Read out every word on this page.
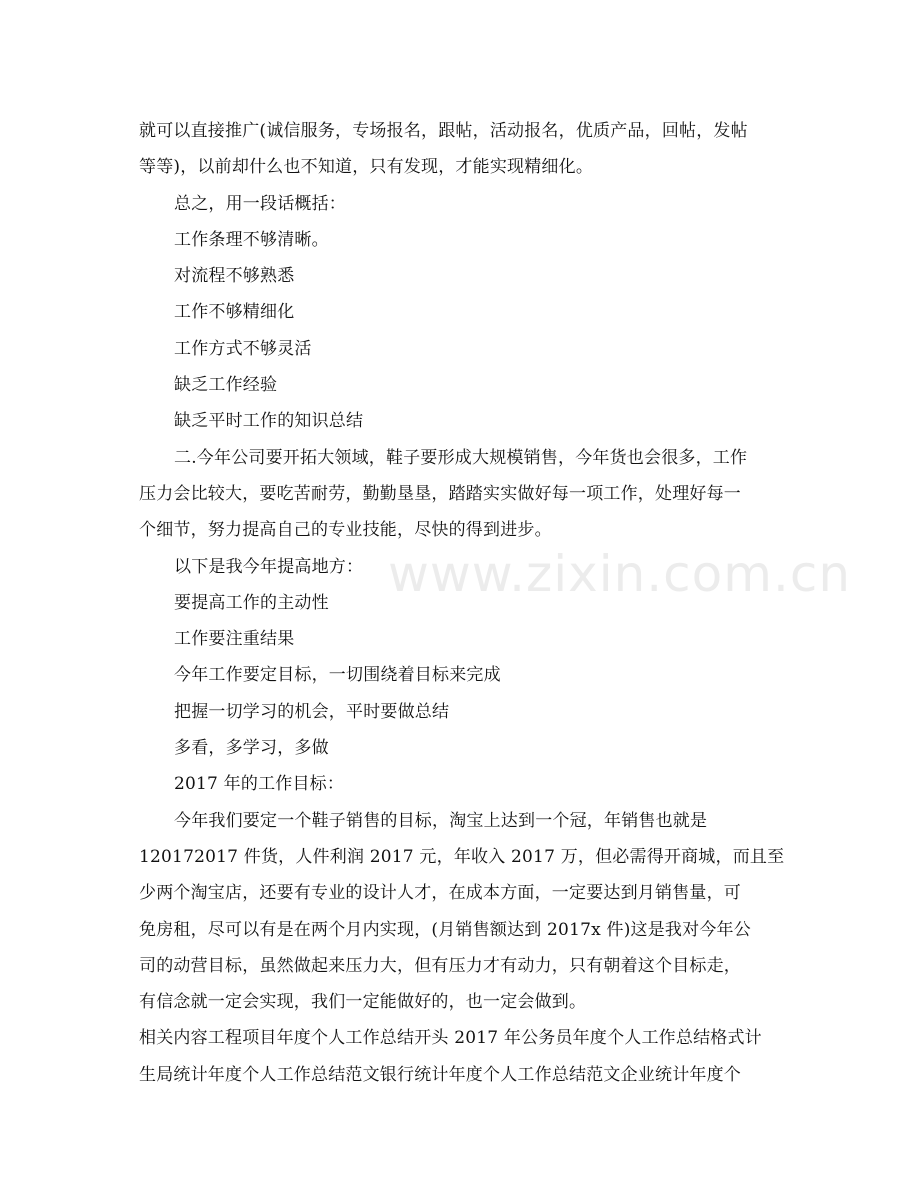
www.zixin.com.cn
就可以直接推广(诚信服务，专场报名，跟帖，活动报名，优质产品，回帖，发帖
等等)，以前却什么也不知道，只有发现，才能实现精细化。
总之，用一段话概括：
工作条理不够清晰。
对流程不够熟悉
工作不够精细化
工作方式不够灵活
缺乏工作经验
缺乏平时工作的知识总结
二.今年公司要开拓大领域，鞋子要形成大规模销售，今年货也会很多，工作
压力会比较大，要吃苦耐劳，勤勤垦垦，踏踏实实做好每一项工作，处理好每一
个细节，努力提高自己的专业技能，尽快的得到进步。
以下是我今年提高地方：
要提高工作的主动性
工作要注重结果
今年工作要定目标，一切围绕着目标来完成
把握一切学习的机会，平时要做总结
多看，多学习，多做
2017 年的工作目标：
今年我们要定一个鞋子销售的目标，淘宝上达到一个冠，年销售也就是
120172017 件货，人件利润 2017 元，年收入 2017 万，但必需得开商城，而且至
少两个淘宝店，还要有专业的设计人才，在成本方面，一定要达到月销售量，可
免房租，尽可以有是在两个月内实现，(月销售额达到 2017x 件)这是我对今年公
司的动营目标，虽然做起来压力大，但有压力才有动力，只有朝着这个目标走，
有信念就一定会实现，我们一定能做好的，也一定会做到。
相关内容工程项目年度个人工作总结开头 2017 年公务员年度个人工作总结格式计
生局统计年度个人工作总结范文银行统计年度个人工作总结范文企业统计年度个
